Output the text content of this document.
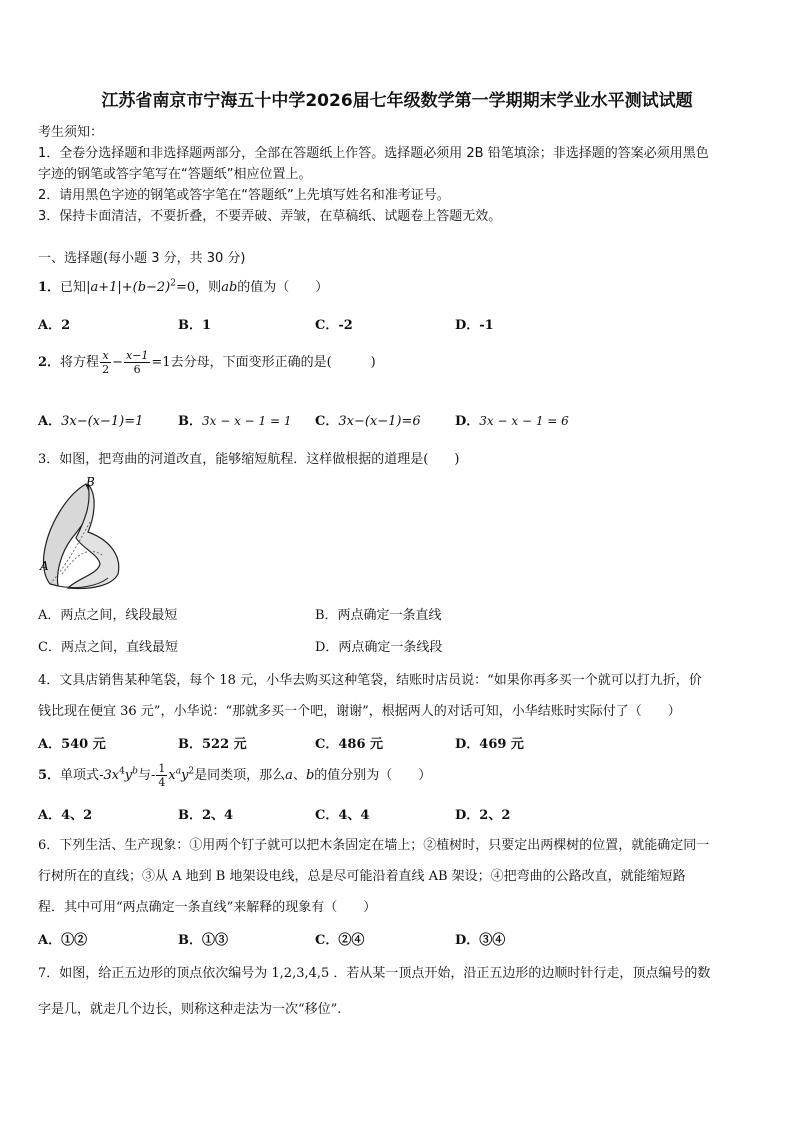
江苏省南京市宁海五十中学2026届七年级数学第一学期期末学业水平测试试题
考生须知：
1．全卷分选择题和非选择题两部分，全部在答题纸上作答。选择题必须用 2B 铅笔填涂；非选择题的答案必须用黑色
字迹的钢笔或答字笔写在“答题纸”相应位置上。
2．请用黑色字迹的钢笔或答字笔在“答题纸”上先填写姓名和准考证号。
3．保持卡面清洁，不要折叠，不要弄破、弄皱，在草稿纸、试题卷上答题无效。
一、选择题(每小题 3 分，共 30 分)
1．已知$|a+1|+(b-2)^2=0$，则ab的值为（　　）
A．2	B．1	C．-2	D．-1
2．将方程 $\frac{x}{2} - \frac{x-1}{6} =1$去分母，下面变形正确的是(　　　)
A．3x−(x−1)=1	B．3x − x − 1 = 1 C．3x−(x−1)=6	D．3x − x − 1 = 6
3．如图，把弯曲的河道改直，能够缩短航程．这样做根据的道理是(　　)
B
A
A．两点之间，线段最短	B．两点确定一条直线
C．两点之间，直线最短	D．两点确定一条线段
4．文具店销售某种笔袋，每个 18 元，小华去购买这种笔袋，结账时店员说：“如果你再多买一个就可以打九折，价
钱比现在便宜 36 元”，小华说：“那就多买一个吧，谢谢”，根据两人的对话可知，小华结账时实际付了（　　）
A．540 元	B．522 元	C．486 元	D．469 元
5．单项式$-3x^4y^b$与- $\frac{1}{4} x^ay^2$是同类项，那么a、b的值分别为（　　）
A．4、2	B．2、4	C．4、4	D．2、2
6．下列生活、生产现象：①用两个钉子就可以把木条固定在墙上；②植树时，只要定出两棵树的位置，就能确定同一
行树所在的直线；③从 A 地到 B 地架设电线，总是尽可能沿着直线 AB 架设；④把弯曲的公路改直，就能缩短路
程．其中可用“两点确定一条直线”来解释的现象有（　　）
A．①②	B．①③	C．②④	D．③④
7．如图，给正五边形的顶点依次编号为 1,2,3,4,5 ．若从某一顶点开始，沿正五边形的边顺时针行走，顶点编号的数
字是几，就走几个边长，则称这种走法为一次“移位”.
